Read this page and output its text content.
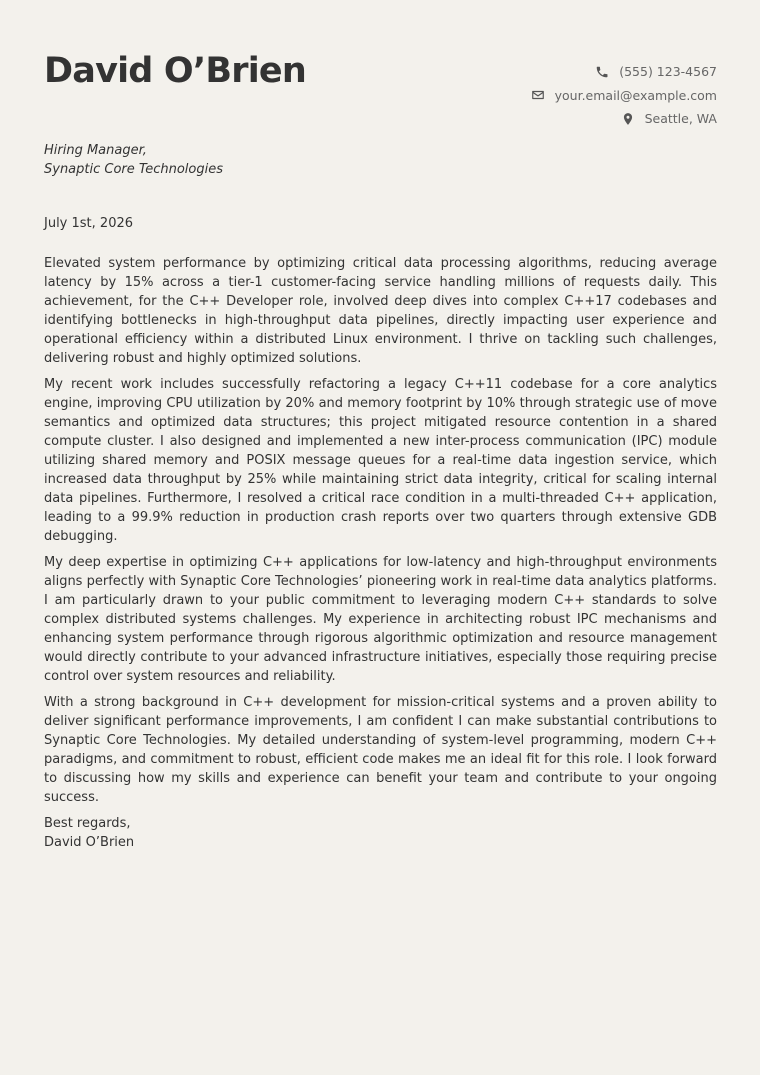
David O’Brien	(555) 123-4567
your.email@example.com
Seattle, WA
Hiring Manager,
Synaptic Core Technologies
July 1st, 2026

Elevated system performance by optimizing critical data processing algorithms, reducing average latency by 15% across a tier-1 customer-facing service handling millions of requests daily. This achievement, for the C++ Developer role, involved deep dives into complex C++17 codebases and identifying bottlenecks in high-throughput data pipelines, directly impacting user experience and operational efficiency within a distributed Linux environment. I thrive on tackling such challenges, delivering robust and highly optimized solutions.

My recent work includes successfully refactoring a legacy C++11 codebase for a core analytics engine, improving CPU utilization by 20% and memory footprint by 10% through strategic use of move semantics and optimized data structures; this project mitigated resource contention in a shared compute cluster. I also designed and implemented a new inter-process communication (IPC) module utilizing shared memory and POSIX message queues for a real-time data ingestion service, which increased data throughput by 25% while maintaining strict data integrity, critical for scaling internal data pipelines. Furthermore, I resolved a critical race condition in a multi-threaded C++ application, leading to a 99.9% reduction in production crash reports over two quarters through extensive GDB debugging.

My deep expertise in optimizing C++ applications for low-latency and high-throughput environments aligns perfectly with Synaptic Core Technologies’ pioneering work in real-time data analytics platforms. I am particularly drawn to your public commitment to leveraging modern C++ standards to solve complex distributed systems challenges. My experience in architecting robust IPC mechanisms and enhancing system performance through rigorous algorithmic optimization and resource management would directly contribute to your advanced infrastructure initiatives, especially those requiring precise control over system resources and reliability.

With a strong background in C++ development for mission-critical systems and a proven ability to deliver significant performance improvements, I am confident I can make substantial contributions to Synaptic Core Technologies. My detailed understanding of system-level programming, modern C++ paradigms, and commitment to robust, efficient code makes me an ideal fit for this role. I look forward to discussing how my skills and experience can benefit your team and contribute to your ongoing success.

Best regards,
David O’Brien
